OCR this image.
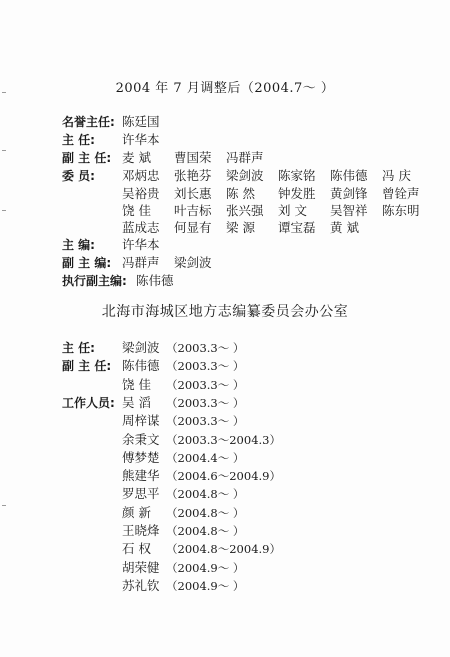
2004 年 7 月调整后（2004.7～ ）
名誉主任: 陈廷国
主 任: 许华本
副 主 任: 麦 斌 曹国荣 冯群声
委 员: 邓炳忠 张艳芬 梁剑波 陈家铭 陈伟德 冯 庆
吴裕贵 刘长惠 陈 然 钟发胜 黄剑锋 曾铨声
饶 佳 叶吉标 张兴强 刘 文 吴智祥 陈东明
蓝成志 何显有 梁 源 谭宝磊 黄 斌
主 编: 许华本
副 主 编: 冯群声 梁剑波
执行副主编: 陈伟德
北海市海城区地方志编纂委员会办公室
主 任: 梁剑波 （2003.3～ ）
副 主 任: 陈伟德 （2003.3～ ）
饶 佳 （2003.3～ ）
工作人员: 吴 滔 （2003.3～ ）
周梓谋 （2003.3～ ）
余秉文 （2003.3～2004.3）
傅梦楚 （2004.4～ ）
熊建华 （2004.6～2004.9）
罗思平 （2004.8～ ）
颜 新 （2004.8～ ）
王晓烽 （2004.8～ ）
石 权 （2004.8～2004.9）
胡荣健 （2004.9～ ）
苏礼钦 （2004.9～ ）
